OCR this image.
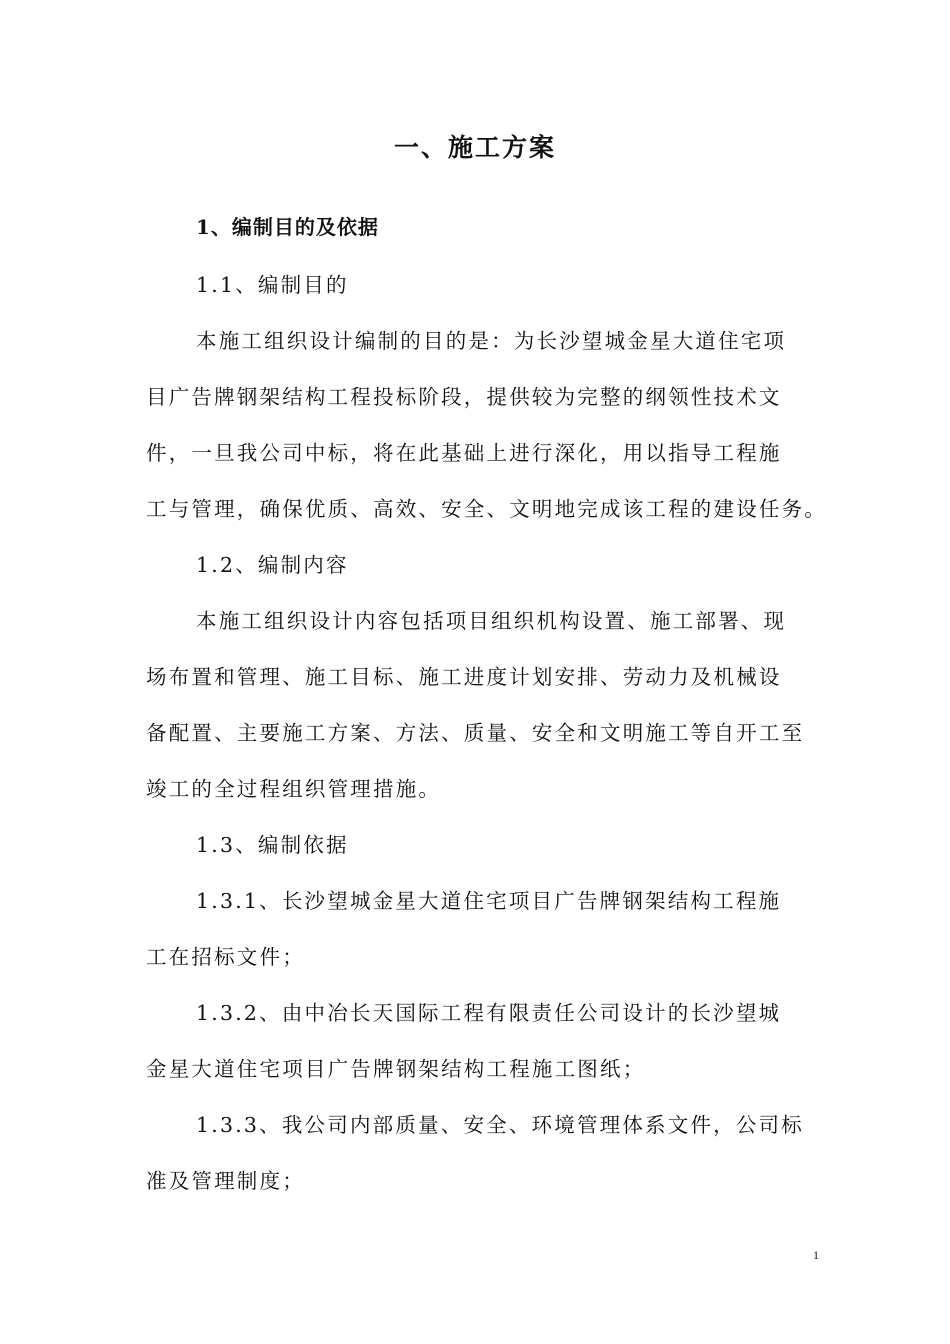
一、施工方案
1、编制目的及依据
1.1、编制目的
本施工组织设计编制的目的是：为长沙望城金星大道住宅项
目广告牌钢架结构工程投标阶段，提供较为完整的纲领性技术文
件，一旦我公司中标，将在此基础上进行深化，用以指导工程施
工与管理，确保优质、高效、安全、文明地完成该工程的建设任务。
1.2、编制内容
本施工组织设计内容包括项目组织机构设置、施工部署、现
场布置和管理、施工目标、施工进度计划安排、劳动力及机械设
备配置、主要施工方案、方法、质量、安全和文明施工等自开工至
竣工的全过程组织管理措施。
1.3、编制依据
1.3.1、长沙望城金星大道住宅项目广告牌钢架结构工程施
工在招标文件；
1.3.2、由中冶长天国际工程有限责任公司设计的长沙望城
金星大道住宅项目广告牌钢架结构工程施工图纸；
1.3.3、我公司内部质量、安全、环境管理体系文件，公司标
准及管理制度；
1
